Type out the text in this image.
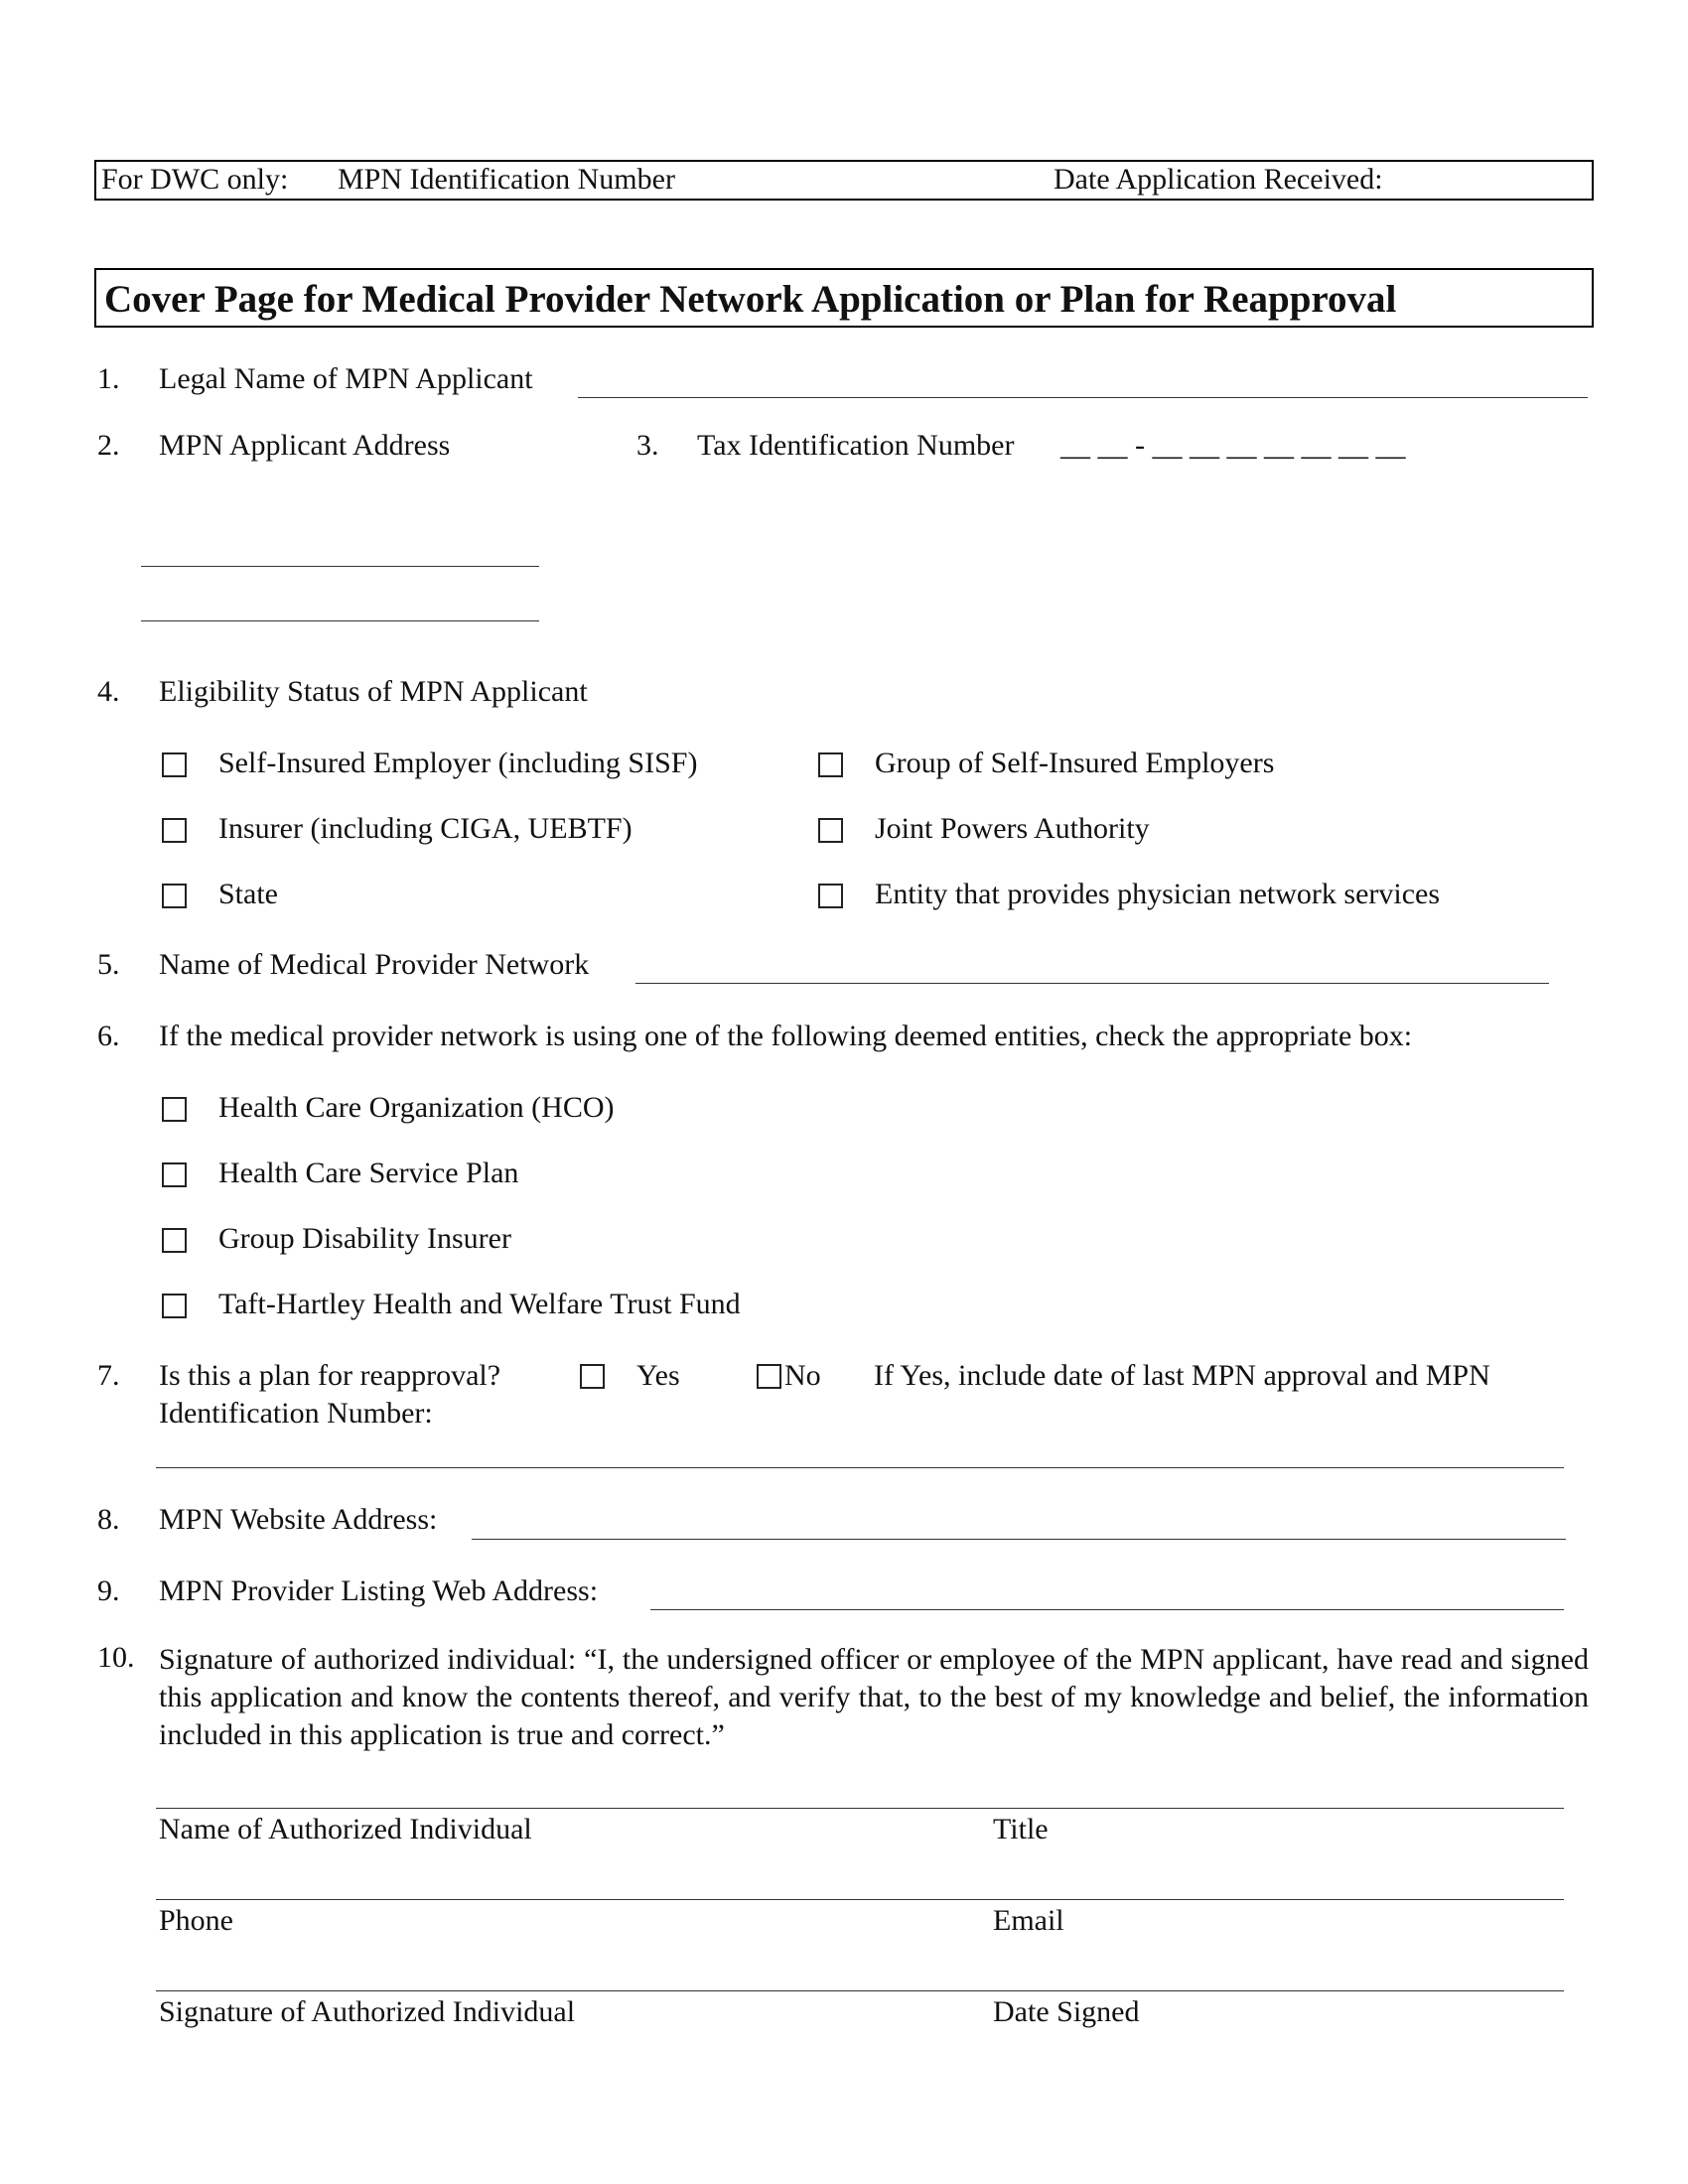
For DWC only: MPN Identification Number	Date Application Received:
Cover Page for Medical Provider Network Application or Plan for Reapproval
1. Legal Name of MPN Applicant
2. MPN Applicant Address	3. Tax Identification Number __ __ - __ __ __ __ __ __ __
4. Eligibility Status of MPN Applicant
Self-Insured Employer (including SISF)	Group of Self-Insured Employers
Insurer (including CIGA, UEBTF)	Joint Powers Authority
State	Entity that provides physician network services
5. Name of Medical Provider Network
6. If the medical provider network is using one of the following deemed entities, check the appropriate box:
Health Care Organization (HCO)
Health Care Service Plan
Group Disability Insurer
Taft-Hartley Health and Welfare Trust Fund
7. Is this a plan for reapproval?	Yes	No If Yes, include date of last MPN approval and MPN
Identification Number:
8. MPN Website Address:
9. MPN Provider Listing Web Address:
10. Signature of authorized individual: “I, the undersigned officer or employee of the MPN applicant, have read and signed this application and know the contents thereof, and verify that, to the best of my knowledge and belief, the information included in this application is true and correct.”
Name of Authorized Individual	Title
Phone	Email
Signature of Authorized Individual	Date Signed
